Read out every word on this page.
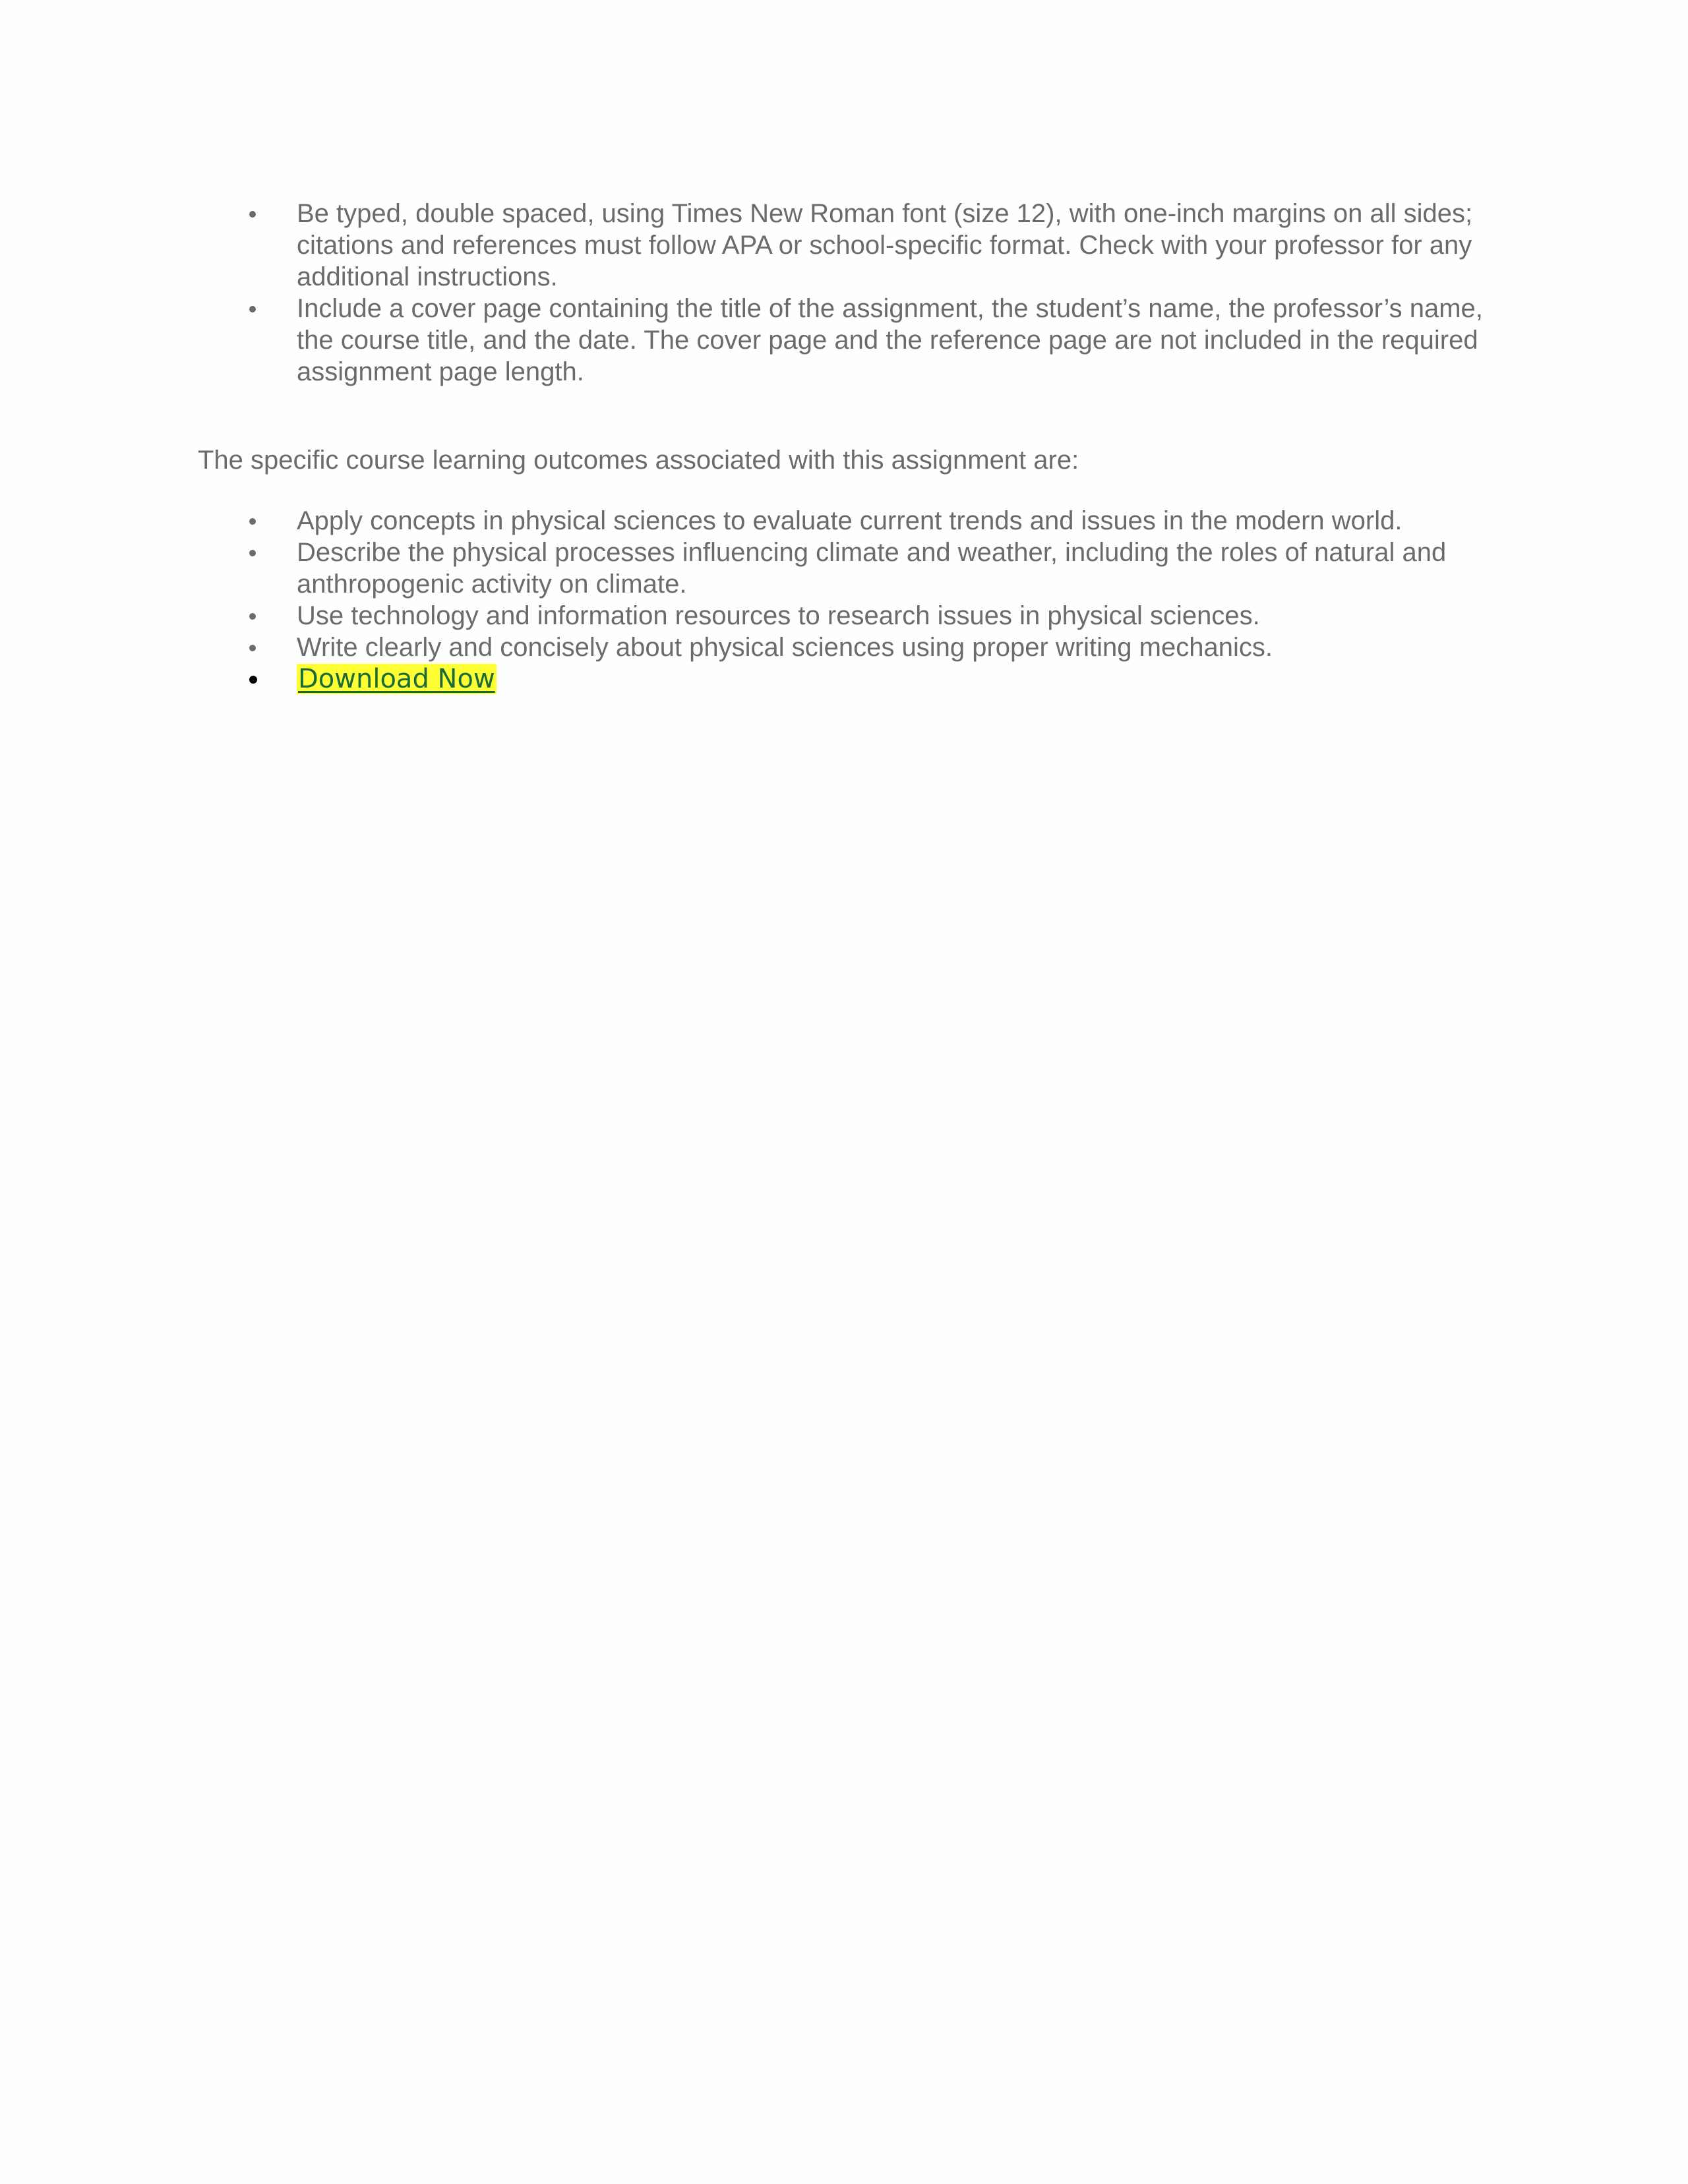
Be typed, double spaced, using Times New Roman font (size 12), with one-inch margins on all sides; citations and references must follow APA or school-specific format. Check with your professor for any additional instructions.
Include a cover page containing the title of the assignment, the student’s name, the professor’s name, the course title, and the date. The cover page and the reference page are not included in the required assignment page length.

The specific course learning outcomes associated with this assignment are:

Apply concepts in physical sciences to evaluate current trends and issues in the modern world.
Describe the physical processes influencing climate and weather, including the roles of natural and anthropogenic activity on climate.
Use technology and information resources to research issues in physical sciences.
Write clearly and concisely about physical sciences using proper writing mechanics.
Download Now
